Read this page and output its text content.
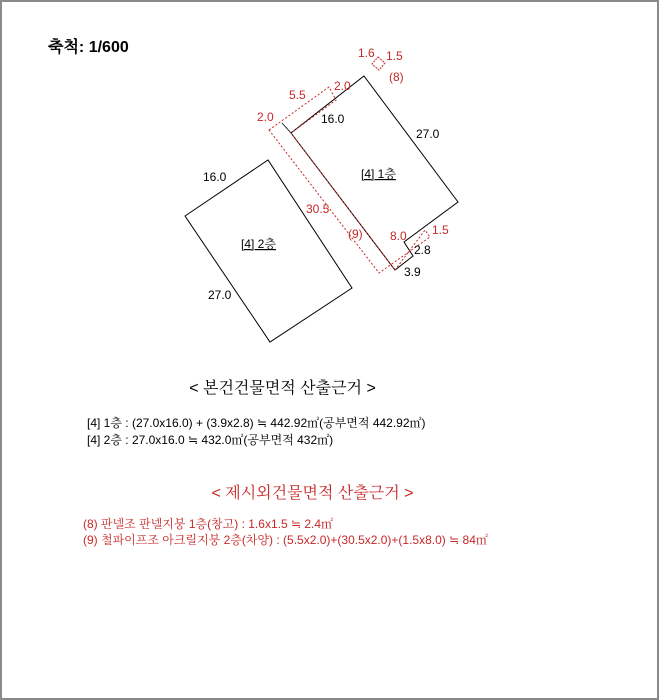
축척: 1/600
[4] 1층
[4] 2층
16.0
27.0
2.8
3.9
16.0
27.0
1.6 1.5
(8)
5.5
2.0
2.0
30.5
(9) 8.0 1.5
< 본건건물면적 산출근거 >
[4] 1층 : (27.0x16.0) + (3.9x2.8) ≒ 442.92㎡(공부면적 442.92㎡)
[4] 2층 : 27.0x16.0 ≒ 432.0㎡(공부면적 432㎡)
< 제시외건물면적 산출근거 >
(8) 판넬조 판넬지붕 1층(창고) : 1.6x1.5 ≒ 2.4㎡
(9) 철파이프조 아크릴지붕 2층(차양) : (5.5x2.0)+(30.5x2.0)+(1.5x8.0) ≒ 84㎡
